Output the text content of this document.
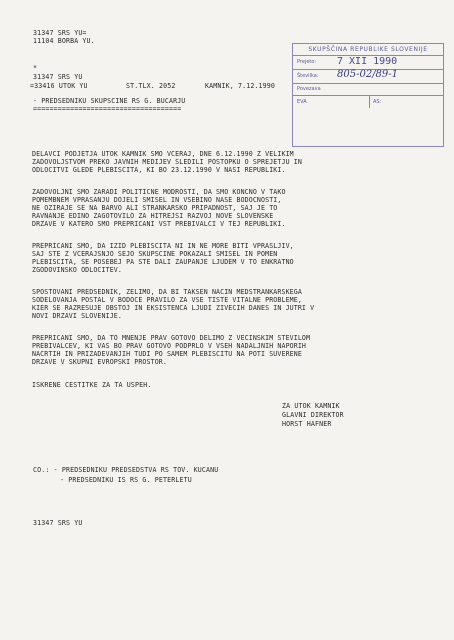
31347 SRS YU=
11104 BORBA YU.
*
31347 SRS YU
=33416 UTOK YU	ST.TLX. 2052	KAMNIK, 7.12.1990
- PREDSEDNIKU SKUPSCINE RS G. BUCARJU
====================================
SKUPŠČINA REPUBLIKE SLOVENIJE
Prejeto: 7 XII 1990
Številka: 805-02/89-1
Povezava
EVA	AS:
DELAVCI PODJETJA UTOK KAMNIK SMO VCERAJ, DNE 6.12.1990 Z VELIKIM
ZADOVOLJSTVOM PREKO JAVNIH MEDIJEV SLEDILI POSTOPKU O SPREJETJU IN
ODLOCITVI GLEDE PLEBISCITA, KI BO 23.12.1990 V NASI REPUBLIKI.
ZADOVOLJNI SMO ZARADI POLITICNE MODROSTI, DA SMO KONCNO V TAKO
POMEMBNEM VPRASANJU DOJELI SMISEL IN VSEBINO NASE BODOCNOSTI,
NE OZIRAJE SE NA BARVO ALI STRANKARSKO PRIPADNOST, SAJ JE TO
RAVNANJE EDINO ZAGOTOVILO ZA HITREJSI RAZVOJ NOVE SLOVENSKE
DRZAVE V KATERO SMO PREPRICANI VST PREBIVALCI V TEJ REPUBLIKI.
PREPRICANI SMO, DA IZID PLEBISCITA NI IN NE MORE BITI VPRASLJIV,
SAJ STE Z VCERAJSNJO SEJO SKUPSCINE POKAZALI SMISEL IN POMEN
PLEBISCITA, SE POSEBEJ PA STE DALI ZAUPANJE LJUDEM V TO ENKRATNO
ZGODOVINSKO ODLOCITEV.
SPOSTOVANI PREDSEDNIK, ZELIMO, DA BI TAKSEN NACIN MEDSTRANKARSKEGA
SODELOVANJA POSTAL V BODOCE PRAVILO ZA VSE TISTE VITALNE PROBLEME,
KIER SE RAZRESUJE OBSTOJ IN EKSISTENCA LJUDI ZIVECIH DANES IN JUTRI V
NOVI DRZAVI SLOVENIJE.
PREPRICANI SMO, DA TO MNENJE PRAV GOTOVO DELIMO Z VECINSKIM STEVILOM
PREBIVALCEV, KI VAS BO PRAV GOTOVO PODPRLO V VSEH NADALJNIH NAPORIH
NACRTIH IN PRIZADEVANJIH TUDI PO SAMEM PLEBISCITU NA POTI SUVERENE
DRZAVE V SKUPNI EVROPSKI PROSTOR.
ISKRENE CESTITKE ZA TA USPEH.
ZA UTOK KAMNIK
GLAVNI DIREKTOR
HORST HAFNER
CO.: - PREDSEDNIKU PREDSEDSTVA RS TOV. KUCANU
- PREDSEDNIKU IS RS G. PETERLETU
31347 SRS YU
